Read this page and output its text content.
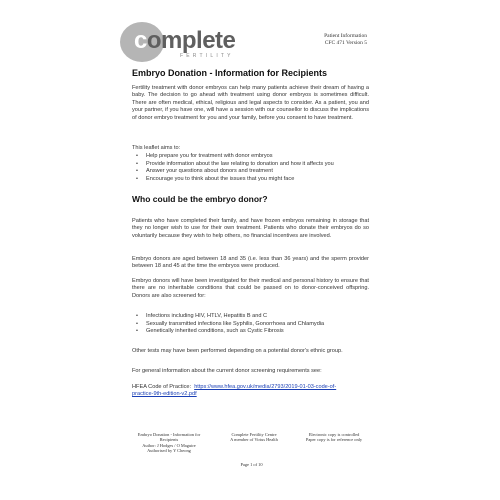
complete
FERTILITY
Patient Information
CFC 471 Version 5
Embryo Donation - Information for Recipients

Fertility treatment with donor embryos can help many patients achieve their dream of having a baby. The decision to go ahead with treatment using donor embryos is sometimes difficult. There are often medical, ethical, religious and legal aspects to consider. As a patient, you and your partner, if you have one, will have a session with our counsellor to discuss the implications of donor embryo treatment for you and your family, before you consent to have treatment.

This leaflet aims to:

• Help prepare you for treatment with donor embryos
• Provide information about the law relating to donation and how it affects you
• Answer your questions about donors and treatment
• Encourage you to think about the issues that you might face
Who could be the embryo donor?

Patients who have completed their family, and have frozen embryos remaining in storage that they no longer wish to use for their own treatment. Patients who donate their embryos do so voluntarily because they wish to help others, no financial incentives are involved.

Embryo donors are aged between 18 and 35 (i.e. less than 36 years) and the sperm provider between 18 and 45 at the time the embryos were produced.

Embryo donors will have been investigated for their medical and personal history to ensure that there are no inheritable conditions that could be passed on to donor-conceived offspring. Donors are also screened for:

• Infections including HIV, HTLV, Hepatitis B and C
• Sexually transmitted infections like Syphilis, Gonorrhoea and Chlamydia
• Genetically inherited conditions, such as Cystic Fibrosis

Other tests may have been performed depending on a potential donor's ethnic group.

For general information about the current donor screening requirements see:

HFEA Code of Practice: https://www.hfea.gov.uk/media/2793/2019-01-03-code-of-
practice-9th-edition-v2.pdf

Embryo Donation - Information for
Recipients
Author: J Hodges / O Maguire
Authorised by Y Cheong
Complete Fertility Centre
A member of Virtus Health
Electronic copy is controlled
Paper copy is for reference only
Page 1 of 10
